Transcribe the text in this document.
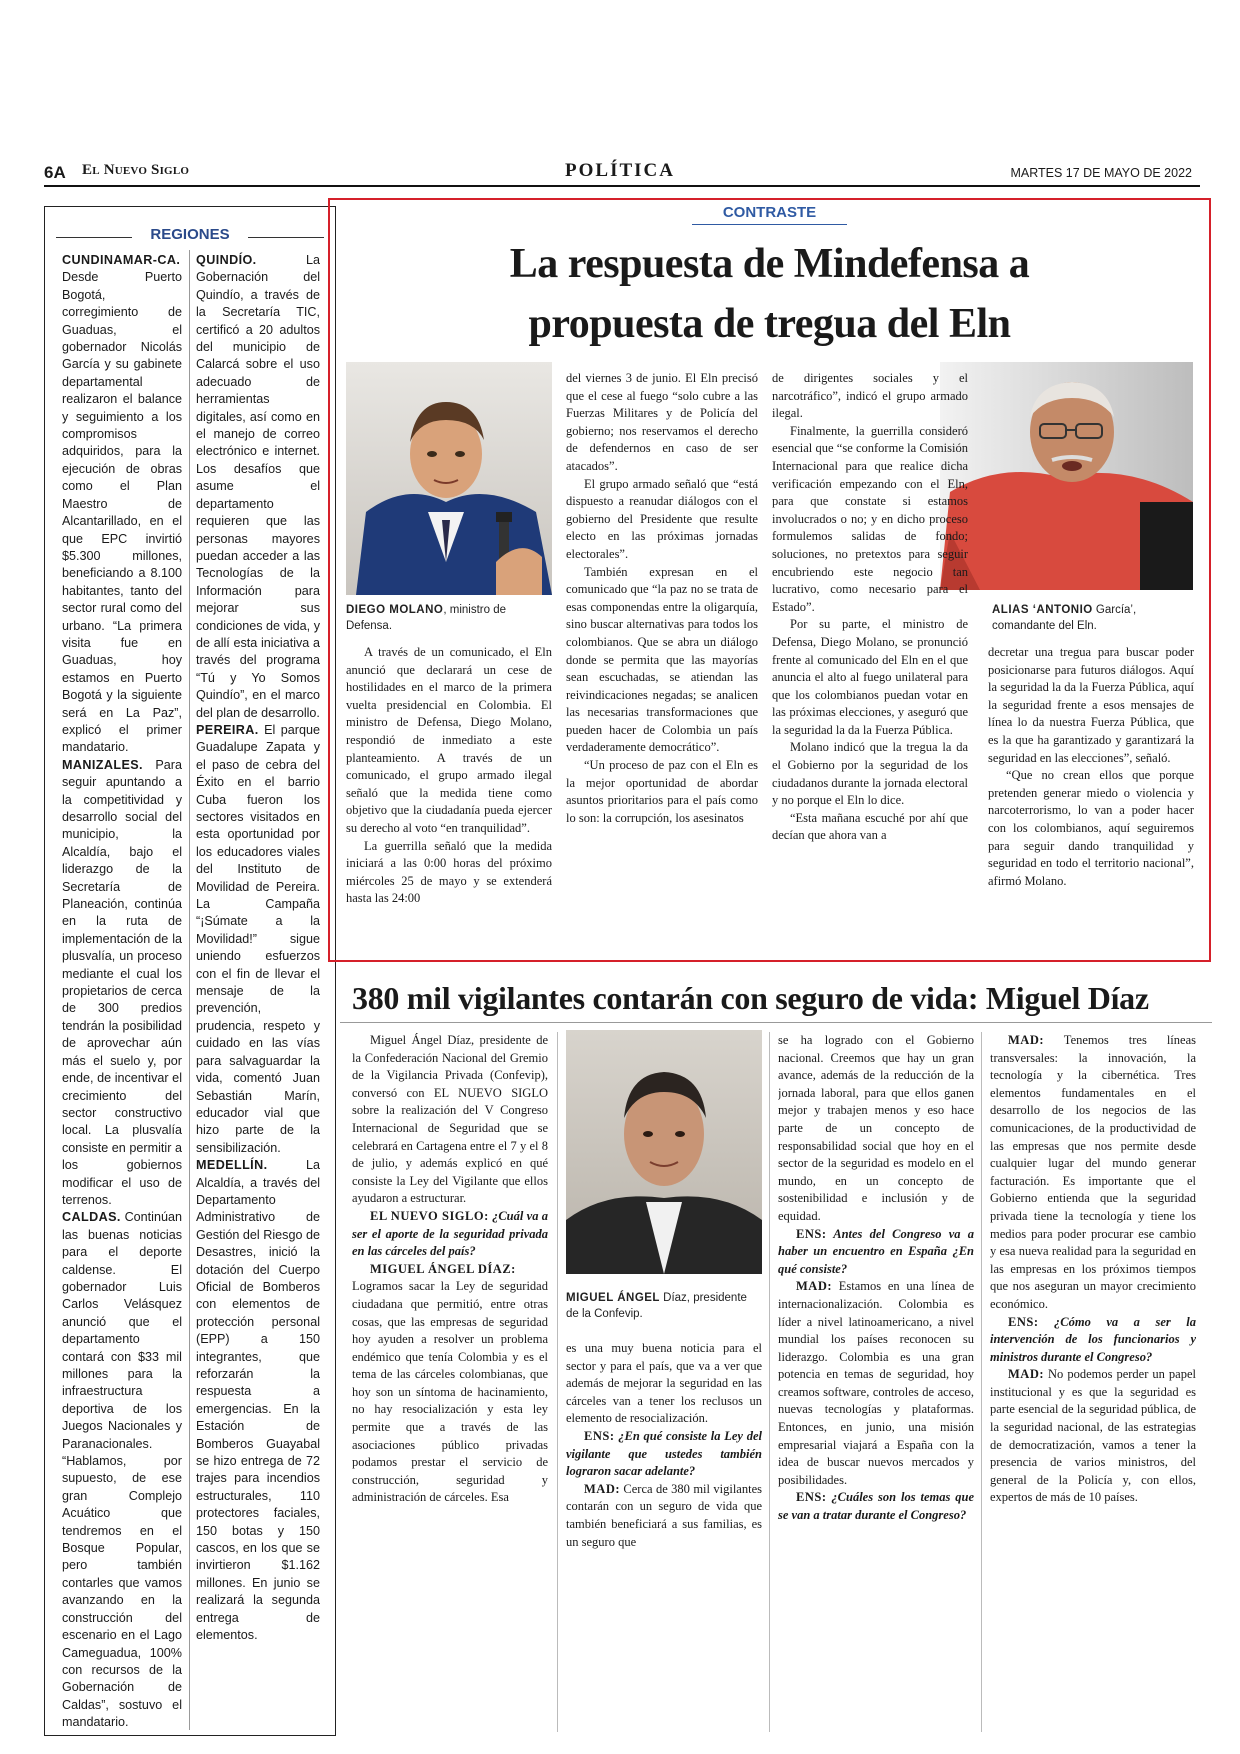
6A El Nuevo Siglo	POLÍTICA	MARTES 17 DE MAYO DE 2022
REGIONES

CUNDINAMAR-CA. Desde Puerto Bogotá, corregimiento de Guaduas, el gobernador Nicolás García y su gabinete departamental realizaron el balance y seguimiento a los compromisos adquiridos, para la ejecución de obras como el Plan Maestro de Alcantarillado, en el que EPC invirtió $5.300 millones, beneficiando a 8.100 habitantes, tanto del sector rural como del urbano. “La primera visita fue en Guaduas, hoy estamos en Puerto Bogotá y la siguiente será en La Paz”, explicó el primer mandatario.

MANIZALES. Para seguir apuntando a la competitividad y desarrollo social del municipio, la Alcaldía, bajo el liderazgo de la Secretaría de Planeación, continúa en la ruta de implementación de la plusvalía, un proceso mediante el cual los propietarios de cerca de 300 predios tendrán la posibilidad de aprovechar aún más el suelo y, por ende, de incentivar el crecimiento del sector constructivo local. La plusvalía consiste en permitir a los gobiernos modificar el uso de terrenos.

CALDAS. Continúan las buenas noticias para el deporte caldense. El gobernador Luis Carlos Velásquez anunció que el departamento contará con $33 mil millones para la infraestructura deportiva de los Juegos Nacionales y Paranacionales. “Hablamos, por supuesto, de ese gran Complejo Acuático que tendremos en el Bosque Popular, pero también contarles que vamos avanzando en la construcción del escenario en el Lago Cameguadua, 100% con recursos de la Gobernación de Caldas”, sostuvo el mandatario.

QUINDÍO. La Gobernación del Quindío, a través de la Secretaría TIC, certificó a 20 adultos del municipio de Calarcá sobre el uso adecuado de herramientas digitales, así como en el manejo de correo electrónico e internet. Los desafíos que asume el departamento requieren que las personas mayores puedan acceder a las Tecnologías de la Información para mejorar sus condiciones de vida, y de allí esta iniciativa a través del programa “Tú y Yo Somos Quindío”, en el marco del plan de desarrollo.

PEREIRA. El parque Guadalupe Zapata y el paso de cebra del Éxito en el barrio Cuba fueron los sectores visitados en esta oportunidad por los educadores viales del Instituto de Movilidad de Pereira. La Campaña “¡Súmate a la Movilidad!” sigue uniendo esfuerzos con el fin de llevar el mensaje de la prevención, prudencia, respeto y cuidado en las vías para salvaguardar la vida, comentó Juan Sebastián Marín, educador vial que hizo parte de la sensibilización.

MEDELLÍN. La Alcaldía, a través del Departamento Administrativo de Gestión del Riesgo de Desastres, inició la dotación del Cuerpo Oficial de Bomberos con elementos de protección personal (EPP) a 150 integrantes, que reforzarán la respuesta a emergencias. En la Estación de Bomberos Guayabal se hizo entrega de 72 trajes para incendios estructurales, 110 protectores faciales, 150 botas y 150 cascos, en los que se invirtieron $1.162 millones. En junio se realizará la segunda entrega de elementos.

CONTRASTE
La respuesta de Mindefensa a
propuesta de tregua del Eln
DIEGO MOLANO, ministro de Defensa.
ALIAS ‘ANTONIO García’, comandante del Eln.

A través de un comunicado, el Eln anunció que declarará un cese de hostilidades en el marco de la primera vuelta presidencial en Colombia. El ministro de Defensa, Diego Molano, respondió de inmediato a este planteamiento. A través de un comunicado, el grupo armado ilegal señaló que la medida tiene como objetivo que la ciudadanía pueda ejercer su derecho al voto “en tranquilidad”.

La guerrilla señaló que la medida iniciará a las 0:00 horas del próximo miércoles 25 de mayo y se extenderá hasta las 24:00

del viernes 3 de junio. El Eln precisó que el cese al fuego “solo cubre a las Fuerzas Militares y de Policía del gobierno; nos reservamos el derecho de defendernos en caso de ser atacados”.

El grupo armado señaló que “está dispuesto a reanudar diálogos con el gobierno del Presidente que resulte electo en las próximas jornadas electorales”.

También expresan en el comunicado que “la paz no se trata de esas componendas entre la oligarquía, sino buscar alternativas para todos los colombianos. Que se abra un diálogo donde se permita que las mayorías sean escuchadas, se atiendan las reivindicaciones negadas; se analicen las necesarias transformaciones que pueden hacer de Colombia un país verdaderamente democrático”.

“Un proceso de paz con el Eln es la mejor oportunidad de abordar asuntos prioritarios para el país como lo son: la corrupción, los asesinatos

de dirigentes sociales y el narcotráfico”, indicó el grupo armado ilegal.

Finalmente, la guerrilla consideró esencial que “se conforme la Comisión Internacional para que realice dicha verificación empezando con el Eln, para que constate si estamos involucrados o no; y en dicho proceso formulemos salidas de fondo; soluciones, no pretextos para seguir encubriendo este negocio tan lucrativo, como necesario para el Estado”.

Por su parte, el ministro de Defensa, Diego Molano, se pronunció frente al comunicado del Eln en el que anuncia el alto al fuego unilateral para que los colombianos puedan votar en las próximas elecciones, y aseguró que la seguridad la da la Fuerza Pública.

Molano indicó que la tregua la da el Gobierno por la seguridad de los ciudadanos durante la jornada electoral y no porque el Eln lo dice.

“Esta mañana escuché por ahí que decían que ahora van a

decretar una tregua para buscar poder posicionarse para futuros diálogos. Aquí la seguridad la da la Fuerza Pública, aquí la seguridad frente a esos mensajes de línea lo da nuestra Fuerza Pública, que es la que ha garantizado y garantizará la seguridad en las elecciones”, señaló.

“Que no crean ellos que porque pretenden generar miedo o violencia y narcoterrorismo, lo van a poder hacer con los colombianos, aquí seguiremos para seguir dando tranquilidad y seguridad en todo el territorio nacional”, afirmó Molano.

380 mil vigilantes contarán con seguro de vida: Miguel Díaz
MIGUEL ÁNGEL Díaz, presidente de la Confevip.

Miguel Ángel Díaz, presidente de la Confederación Nacional del Gremio de la Vigilancia Privada (Confevip), conversó con EL NUEVO SIGLO sobre la realización del V Congreso Internacional de Seguridad que se celebrará en Cartagena entre el 7 y el 8 de julio, y además explicó en qué consiste la Ley del Vigilante que ellos ayudaron a estructurar.

EL NUEVO SIGLO: ¿Cuál va a ser el aporte de la seguridad privada en las cárceles del país?

MIGUEL ÁNGEL DÍAZ:

Logramos sacar la Ley de seguridad ciudadana que permitió, entre otras cosas, que las empresas de seguridad hoy ayuden a resolver un problema endémico que tenía Colombia y es el tema de las cárceles colombianas, que hoy son un síntoma de hacinamiento, no hay resocialización y esta ley permite que a través de las asociaciones público privadas podamos prestar el servicio de construcción, seguridad y administración de cárceles. Esa

es una muy buena noticia para el sector y para el país, que va a ver que además de mejorar la seguridad en las cárceles van a tener los reclusos un elemento de resocialización.

ENS: ¿En qué consiste la Ley del vigilante que ustedes también lograron sacar adelante?

MAD: Cerca de 380 mil vigilantes contarán con un seguro de vida que también beneficiará a sus familias, es un seguro que

se ha logrado con el Gobierno nacional. Creemos que hay un gran avance, además de la reducción de la jornada laboral, para que ellos ganen mejor y trabajen menos y eso hace parte de un concepto de responsabilidad social que hoy en el sector de la seguridad es modelo en el mundo, en un concepto de sostenibilidad e inclusión y de equidad.

ENS: Antes del Congreso va a haber un encuentro en España ¿En qué consiste?

MAD: Estamos en una línea de internacionalización. Colombia es líder a nivel latinoamericano, a nivel mundial los países reconocen su liderazgo. Colombia es una gran potencia en temas de seguridad, hoy creamos software, controles de acceso, nuevas tecnologías y plataformas. Entonces, en junio, una misión empresarial viajará a España con la idea de buscar nuevos mercados y posibilidades.

ENS: ¿Cuáles son los temas que se van a tratar durante el Congreso?

MAD: Tenemos tres líneas transversales: la innovación, la tecnología y la cibernética. Tres elementos fundamentales en el desarrollo de los negocios de las comunicaciones, de la productividad de las empresas que nos permite desde cualquier lugar del mundo generar facturación. Es importante que el Gobierno entienda que la seguridad privada tiene la tecnología y tiene los medios para poder procurar ese cambio y esa nueva realidad para la seguridad en las empresas en los próximos tiempos que nos aseguran un mayor crecimiento económico.

ENS: ¿Cómo va a ser la intervención de los funcionarios y ministros durante el Congreso?

MAD: No podemos perder un papel institucional y es que la seguridad es parte esencial de la seguridad pública, de la seguridad nacional, de las estrategias de democratización, vamos a tener la presencia de varios ministros, del general de la Policía y, con ellos, expertos de más de 10 países.
